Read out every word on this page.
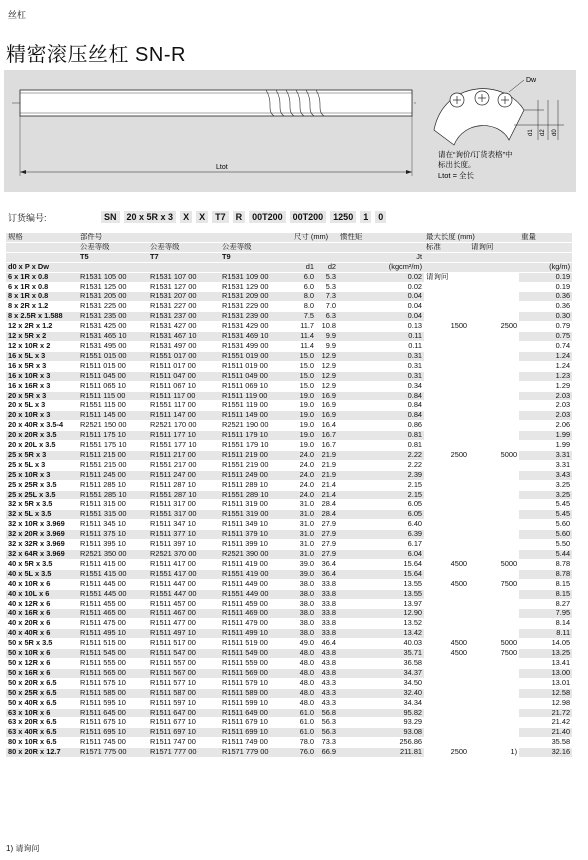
丝杠
精密滚压丝杠 SN-R
Ltot
Dw
d1 d2 d0
请在“询价/订货表格”中
标出长度。
Ltot = 全长
订货编号:	SN	20 x 5R x 3	X	X	T7	R	00T200	00T200	1250	1	0
规格	部件号			尺寸 (mm)		惯性矩	最大长度 (mm)		重量
	公差等级	公差等级	公差等级				标准	请询问	
	T5	T7	T9			Jt			
d0 x P x Dw				d1	d2	(kgcm²/m)			(kg/m)
6 x 1R x 0.8	R1531 105 00	R1531 107 00	R1531 109 00	6.0	5.3	0.02	请询问		0.19
6 x 1R x 0.8	R1531 125 00	R1531 127 00	R1531 129 00	6.0	5.3	0.02			0.19
8 x 1R x 0.8	R1531 205 00	R1531 207 00	R1531 209 00	8.0	7.3	0.04			0.36
8 x 2R x 1.2	R1531 225 00	R1531 227 00	R1531 229 00	8.0	7.0	0.04			0.36
8 x 2.5R x 1.588	R1531 235 00	R1531 237 00	R1531 239 00	7.5	6.3	0.04			0.30
12 x 2R x 1.2	R1531 425 00	R1531 427 00	R1531 429 00	11.7	10.8	0.13	1500	2500	0.79
12 x 5R x 2	R1531 465 10	R1531 467 10	R1531 469 10	11.4	9.9	0.11			0.75
12 x 10R x 2	R1531 495 00	R1531 497 00	R1531 499 00	11.4	9.9	0.11			0.74
16 x 5L x 3	R1551 015 00	R1551 017 00	R1551 019 00	15.0	12.9	0.31			1.24
16 x 5R x 3	R1511 015 00	R1511 017 00	R1511 019 00	15.0	12.9	0.31			1.24
16 x 10R x 3	R1511 045 00	R1511 047 00	R1511 049 00	15.0	12.9	0.31			1.23
16 x 16R x 3	R1511 065 10	R1511 067 10	R1511 069 10	15.0	12.9	0.34			1.29
20 x 5R x 3	R1511 115 00	R1511 117 00	R1511 119 00	19.0	16.9	0.84			2.03
20 x 5L x 3	R1551 115 00	R1551 117 00	R1551 119 00	19.0	16.9	0.84			2.03
20 x 10R x 3	R1511 145 00	R1511 147 00	R1511 149 00	19.0	16.9	0.84			2.03
20 x 40R x 3.5-4	R2521 150 00	R2521 170 00	R2521 190 00	19.0	16.4	0.86			2.06
20 x 20R x 3.5	R1511 175 10	R1511 177 10	R1511 179 10	19.0	16.7	0.81			1.99
20 x 20L x 3.5	R1551 175 10	R1551 177 10	R1551 179 10	19.0	16.7	0.81			1.99
25 x 5R x 3	R1511 215 00	R1511 217 00	R1511 219 00	24.0	21.9	2.22	2500	5000	3.31
25 x 5L x 3	R1551 215 00	R1551 217 00	R1551 219 00	24.0	21.9	2.22			3.31
25 x 10R x 3	R1511 245 00	R1511 247 00	R1511 249 00	24.0	21.9	2.39			3.43
25 x 25R x 3.5	R1511 285 10	R1511 287 10	R1511 289 10	24.0	21.4	2.15			3.25
25 x 25L x 3.5	R1551 285 10	R1551 287 10	R1551 289 10	24.0	21.4	2.15			3.25
32 x 5R x 3.5	R1511 315 00	R1511 317 00	R1511 319 00	31.0	28.4	6.05			5.45
32 x 5L x 3.5	R1551 315 00	R1551 317 00	R1551 319 00	31.0	28.4	6.05			5.45
32 x 10R x 3.969	R1511 345 10	R1511 347 10	R1511 349 10	31.0	27.9	6.40			5.60
32 x 20R x 3.969	R1511 375 10	R1511 377 10	R1511 379 10	31.0	27.9	6.39			5.60
32 x 32R x 3.969	R1511 395 10	R1511 397 10	R1511 399 10	31.0	27.9	6.17			5.50
32 x 64R x 3.969	R2521 350 00	R2521 370 00	R2521 390 00	31.0	27.9	6.04			5.44
40 x 5R x 3.5	R1511 415 00	R1511 417 00	R1511 419 00	39.0	36.4	15.64	4500	5000	8.78
40 x 5L x 3.5	R1551 415 00	R1551 417 00	R1551 419 00	39.0	36.4	15.64			8.78
40 x 10R x 6	R1511 445 00	R1511 447 00	R1511 449 00	38.0	33.8	13.55	4500	7500	8.15
40 x 10L x 6	R1551 445 00	R1551 447 00	R1551 449 00	38.0	33.8	13.55			8.15
40 x 12R x 6	R1511 455 00	R1511 457 00	R1511 459 00	38.0	33.8	13.97			8.27
40 x 16R x 6	R1511 465 00	R1511 467 00	R1511 469 00	38.0	33.8	12.90			7.95
40 x 20R x 6	R1511 475 00	R1511 477 00	R1511 479 00	38.0	33.8	13.52			8.14
40 x 40R x 6	R1511 495 10	R1511 497 10	R1511 499 10	38.0	33.8	13.42			8.11
50 x 5R x 3.5	R1511 515 00	R1511 517 00	R1511 519 00	49.0	46.4	40.03	4500	5000	14.05
50 x 10R x 6	R1511 545 00	R1511 547 00	R1511 549 00	48.0	43.8	35.71	4500	7500	13.25
50 x 12R x 6	R1511 555 00	R1511 557 00	R1511 559 00	48.0	43.8	36.58			13.41
50 x 16R x 6	R1511 565 00	R1511 567 00	R1511 569 00	48.0	43.8	34.37			13.00
50 x 20R x 6.5	R1511 575 10	R1511 577 10	R1511 579 10	48.0	43.3	34.50			13.01
50 x 25R x 6.5	R1511 585 00	R1511 587 00	R1511 589 00	48.0	43.3	32.40			12.58
50 x 40R x 6.5	R1511 595 10	R1511 597 10	R1511 599 10	48.0	43.3	34.34			12.98
63 x 10R x 6	R1511 645 00	R1511 647 00	R1511 649 00	61.0	56.8	95.82			21.72
63 x 20R x 6.5	R1511 675 10	R1511 677 10	R1511 679 10	61.0	56.3	93.29			21.42
63 x 40R x 6.5	R1511 695 10	R1511 697 10	R1511 699 10	61.0	56.3	93.08			21.40
80 x 10R x 6.5	R1511 745 00	R1511 747 00	R1511 749 00	78.0	73.3	256.86			35.58
80 x 20R x 12.7	R1571 775 00	R1571 777 00	R1571 779 00	76.0	66.9	211.81	2500	1)	32.16
1) 请询问
